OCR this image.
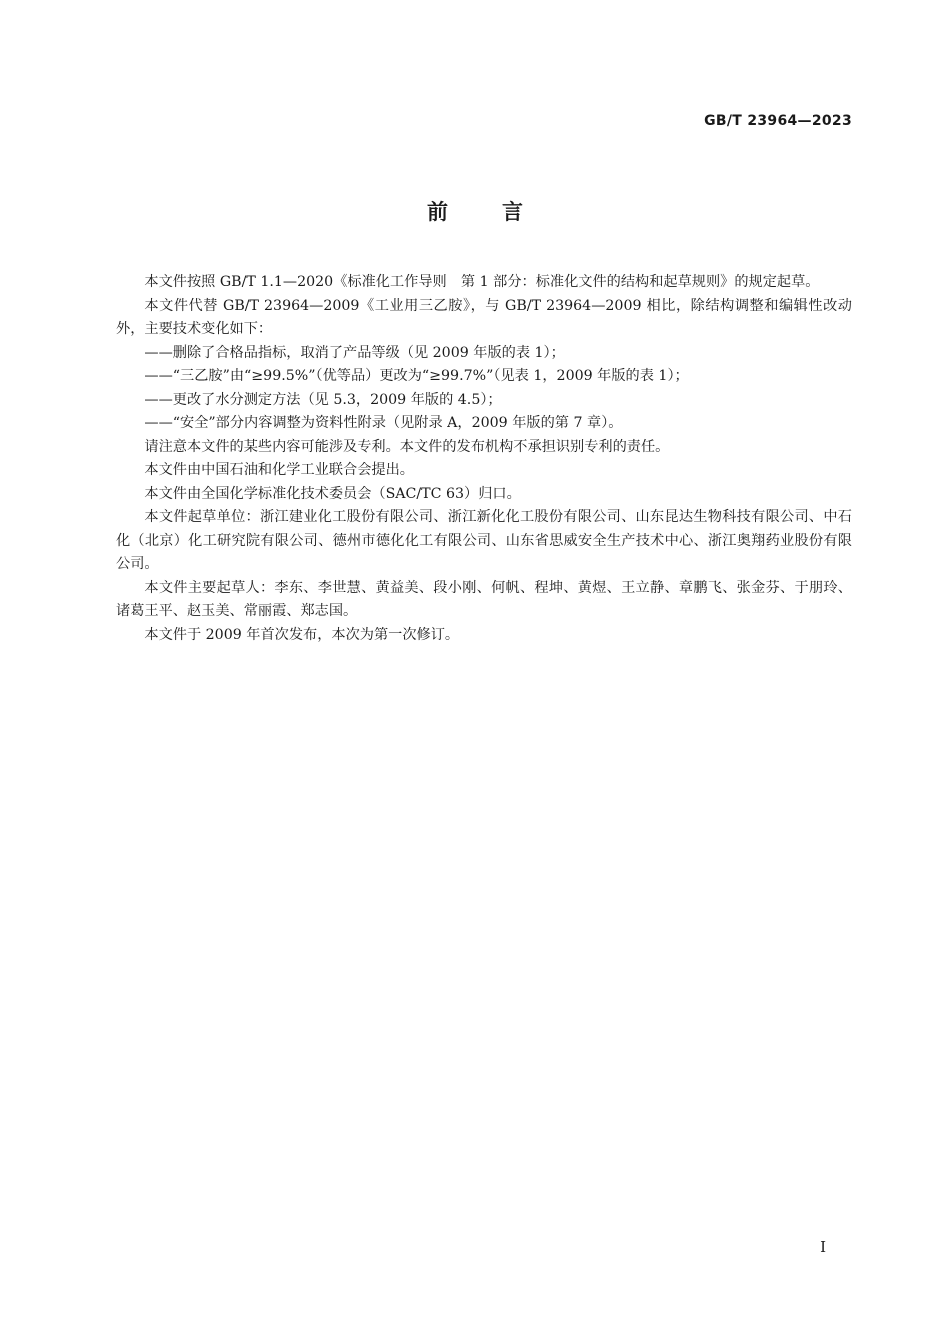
GB/T 23964—2023
前	言

本文件按照 GB/T 1.1—2020《标准化工作导则　第 1 部分：标准化文件的结构和起草规则》的规定起草。

本文件代替 GB/T 23964—2009《工业用三乙胺》，与 GB/T 23964—2009 相比，除结构调整和编辑性改动外，主要技术变化如下：

——删除了合格品指标，取消了产品等级（见 2009 年版的表 1）；

——“三乙胺”由“≥99.5%”（优等品）更改为“≥99.7%”（见表 1，2009 年版的表 1）；

——更改了水分测定方法（见 5.3，2009 年版的 4.5）；

——“安全”部分内容调整为资料性附录（见附录 A，2009 年版的第 7 章）。

请注意本文件的某些内容可能涉及专利。本文件的发布机构不承担识别专利的责任。

本文件由中国石油和化学工业联合会提出。

本文件由全国化学标准化技术委员会（SAC/TC 63）归口。

本文件起草单位：浙江建业化工股份有限公司、浙江新化化工股份有限公司、山东昆达生物科技有限公司、中石化（北京）化工研究院有限公司、德州市德化化工有限公司、山东省思威安全生产技术中心、浙江奥翔药业股份有限公司。

本文件主要起草人：李东、李世慧、黄益美、段小刚、何帆、程坤、黄煜、王立静、章鹏飞、张金芬、于朋玲、诸葛王平、赵玉美、常丽霞、郑志国。

本文件于 2009 年首次发布，本次为第一次修订。

I
